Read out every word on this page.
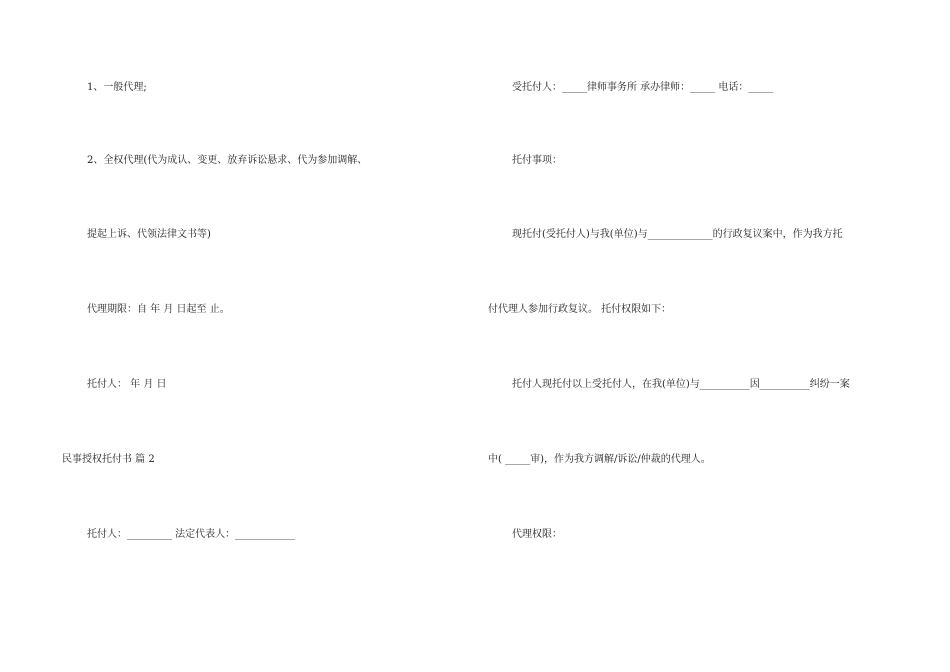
1、一般代理;
2、全权代理(代为成认、变更、放弃诉讼悬求、代为参加调解、
提起上诉、代领法律文书等)
代理期限：自 年 月 日起至 止。
托付人： 年 月 日
民事授权托付书 篇 2
托付人：_________ 法定代表人：____________
受托付人：_____律师事务所 承办律师：_____ 电话：_____
托付事项：
现托付(受托付人)与我(单位)与_____________的行政复议案中，作为我方托
付代理人参加行政复议。 托付权限如下：
托付人现托付以上受托付人，在我(单位)与__________因__________纠纷一案
中( _____审)，作为我方调解/诉讼/仲裁的代理人。
代理权限：
